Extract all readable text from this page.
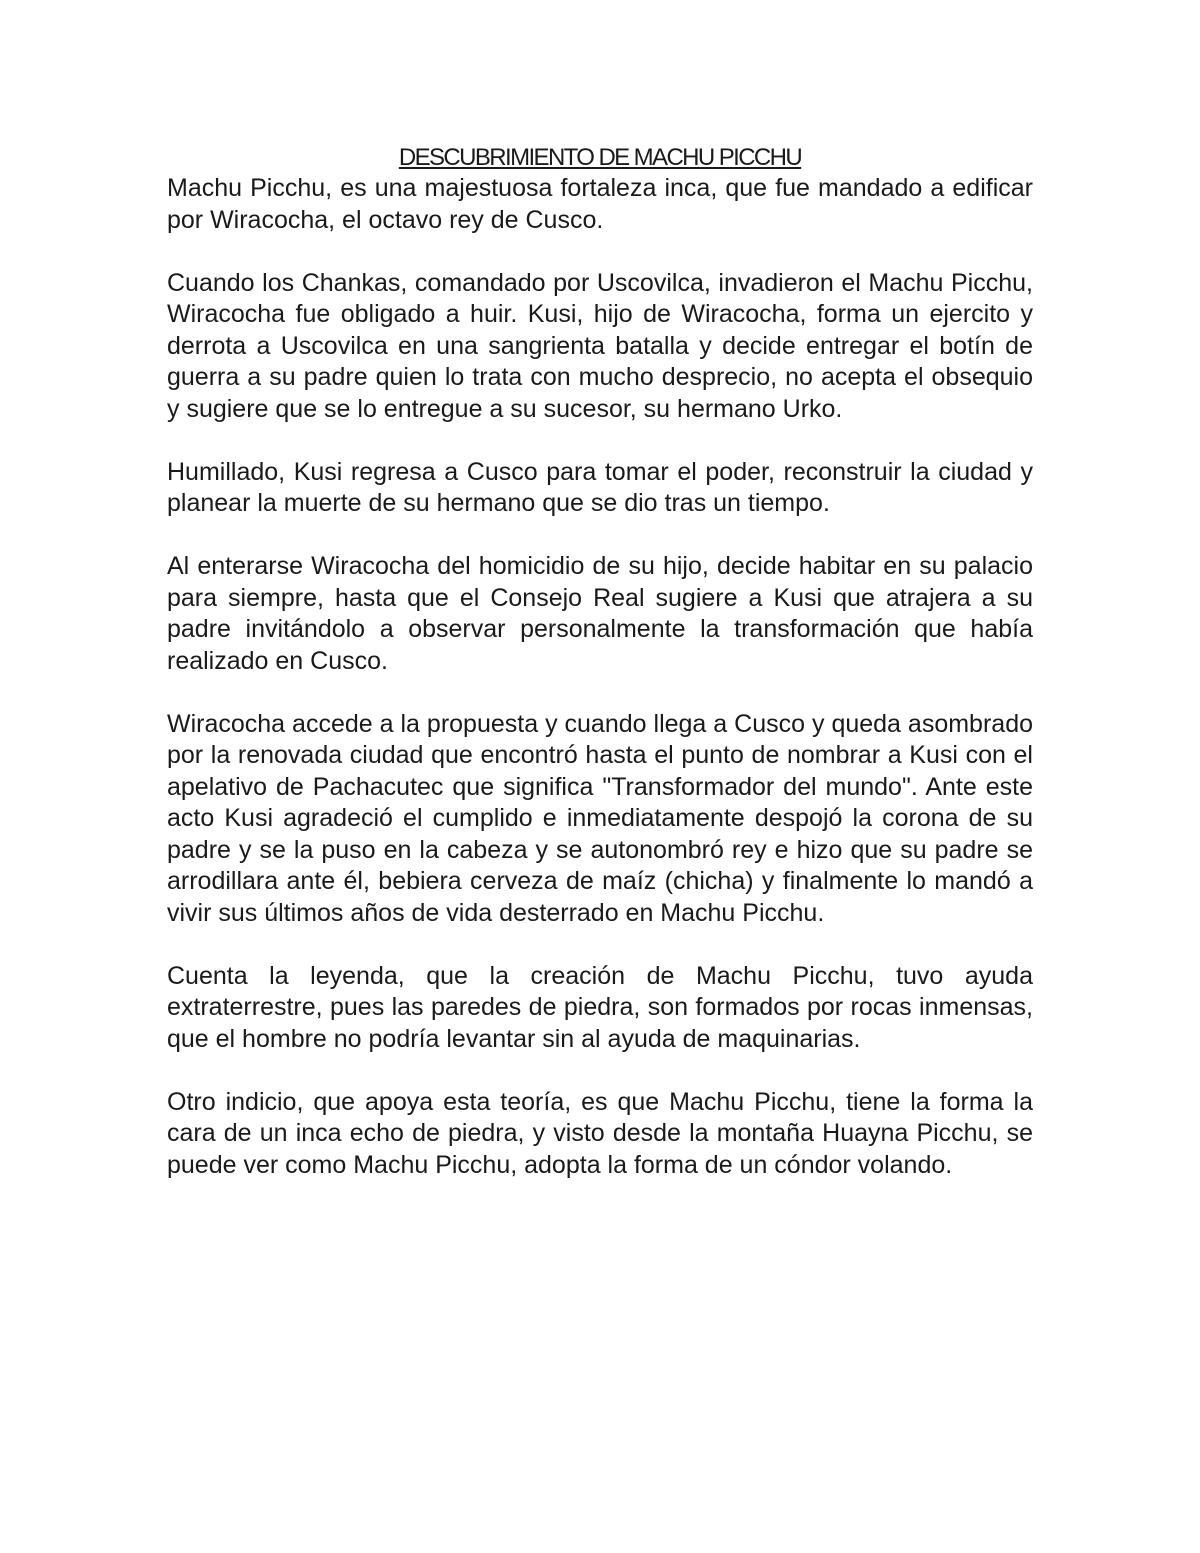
DESCUBRIMIENTO DE MACHU PICCHU

Machu Picchu, es una majestuosa fortaleza inca, que fue mandado a edificar por Wiracocha, el octavo rey de Cusco.

Cuando los Chankas, comandado por Uscovilca, invadieron el Machu Picchu, Wiracocha fue obligado a huir. Kusi, hijo de Wiracocha, forma un ejercito y derrota a Uscovilca en una sangrienta batalla y decide entregar el botín de guerra a su padre quien lo trata con mucho desprecio, no acepta el obsequio y sugiere que se lo entregue a su sucesor, su hermano Urko.

Humillado, Kusi regresa a Cusco para tomar el poder, reconstruir la ciudad y planear la muerte de su hermano que se dio tras un tiempo.

Al enterarse Wiracocha del homicidio de su hijo, decide habitar en su palacio para siempre, hasta que el Consejo Real sugiere a Kusi que atrajera a su padre invitándolo a observar personalmente la transformación que había realizado en Cusco.

Wiracocha accede a la propuesta y cuando llega a Cusco y queda asombrado por la renovada ciudad que encontró hasta el punto de nombrar a Kusi con el apelativo de Pachacutec que significa "Transformador del mundo". Ante este acto Kusi agradeció el cumplido e inmediatamente despojó la corona de su padre y se la puso en la cabeza y se autonombró rey e hizo que su padre se arrodillara ante él, bebiera cerveza de maíz (chicha) y finalmente lo mandó a vivir sus últimos años de vida desterrado en Machu Picchu.

Cuenta la leyenda, que la creación de Machu Picchu, tuvo ayuda extraterrestre, pues las paredes de piedra, son formados por rocas inmensas, que el hombre no podría levantar sin al ayuda de maquinarias.

Otro indicio, que apoya esta teoría, es que Machu Picchu, tiene la forma la cara de un inca echo de piedra, y visto desde la montaña Huayna Picchu, se puede ver como Machu Picchu, adopta la forma de un cóndor volando.
